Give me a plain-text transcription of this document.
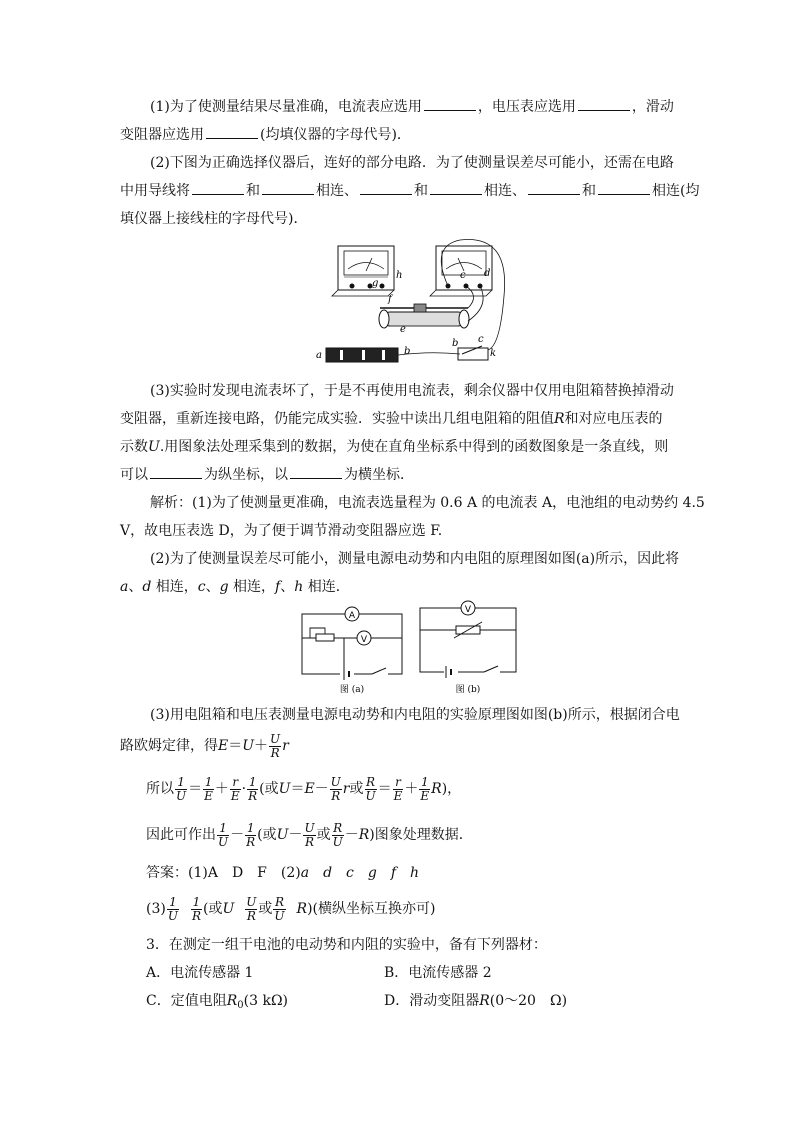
(1)为了使测量结果尽量准确，电流表应选用	，电压表应选用	，滑动
变阻器应选用	(均填仪器的字母代号)．
(2)下图为正确选择仪器后，连好的部分电路．为了使测量误差尽可能小，还需在电路
中用导线将	和	相连、	和	相连、	和	相连(均
填仪器上接线柱的字母代号)．
h
g
c d
f
e
a	b
b c
k
(3)实验时发现电流表坏了，于是不再使用电流表，剩余仪器中仅用电阻箱替换掉滑动
变阻器，重新连接电路，仍能完成实验．实验中读出几组电阻箱的阻值R和对应电压表的
示数U.用图象法处理采集到的数据，为使在直角坐标系中得到的函数图象是一条直线，则
可以	为纵坐标，以	为横坐标．
解析：(1)为了使测量更准确，电流表选量程为 0.6 A 的电流表 A，电池组的电动势约 4.5
V，故电压表选 D，为了便于调节滑动变阻器应选 F.
(2)为了使测量误差尽可能小，测量电源电动势和内电阻的原理图如图(a)所示，因此将
a、d 相连，c、g 相连，f、h 相连．
A
V
图 (a)
V
图 (b)
(3)用电阻箱和电压表测量电源电动势和内电阻的实验原理图如图(b)所示，根据闭合电
路欧姆定律，得$E=U+ \frac{U}{R}$ r
所以 $\frac{1}{U} = \frac{1}{E} + \frac{r}{E} \cdot \frac{1}{R}$ (或$U=E- \frac{U}{R}$ r或 $\frac{R}{U} = \frac{r}{E} + \frac{1}{E} R$)，
因此可作出 $\frac{1}{U} - \frac{1}{R}$ (或$U- \frac{U}{R}$ 或 $\frac{R}{U} -R$)图象处理数据．
答案：(1)A　D　F　(2)a　d　c　g　f　h
$(3) \frac{1}{U} \frac{1}{R}$ (或U $\frac{U}{R}$ 或 $\frac{R}{U} R$)(横纵坐标互换亦可)
3．在测定一组干电池的电动势和内阻的实验中，备有下列器材：
A．电流传感器 1	B．电流传感器 2
C．定值电阻$R_0(3$ kΩ)	D．滑动变阻器R(0～20　Ω)
